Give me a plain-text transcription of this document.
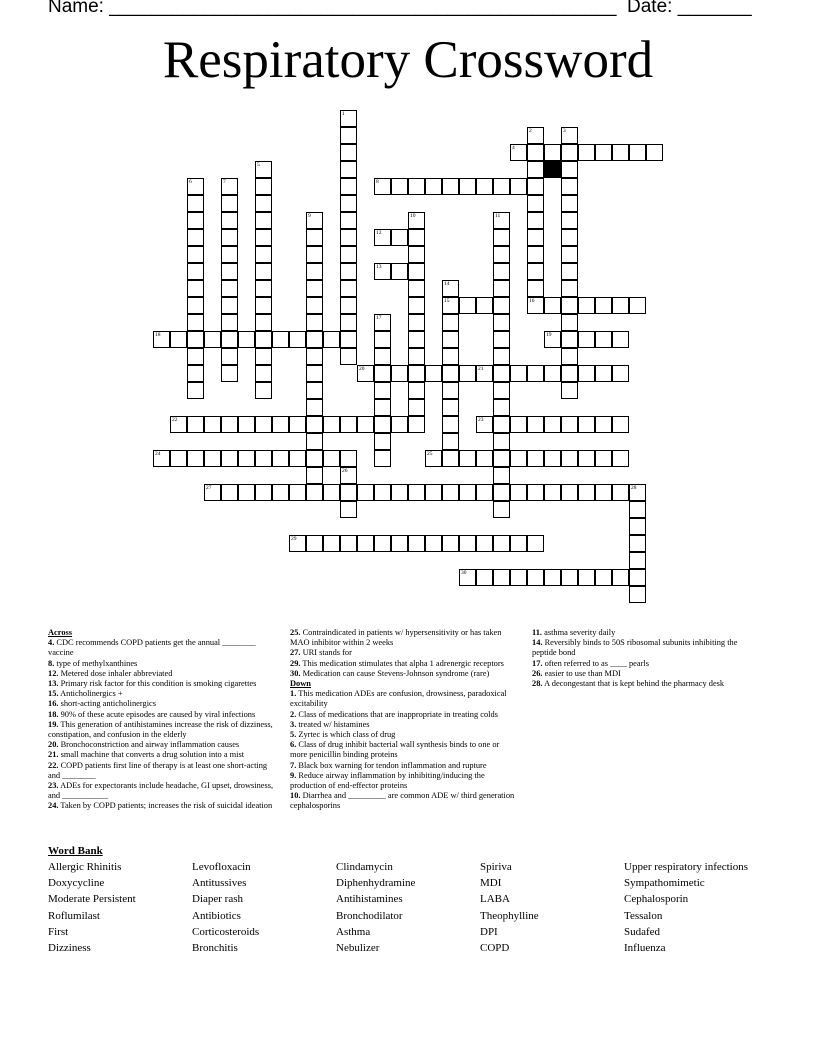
Name: ________________________________________________ Date: _______
Respiratory Crossword
1
2	3
4
5
6	7	8
9	10	11
12
13
14
15	16
17
18	19
20	21
22	23
24	25
26
27	28
29
30
Across
4. CDC recommends COPD patients get the annual ________ vaccine
8. type of methylxanthines
12. Metered dose inhaler abbreviated
13. Primary risk factor for this condition is smoking cigarettes
15. Anticholinergics +
16. short-acting anticholinergics
18. 90% of these acute episodes are caused by viral infections
19. This generation of antihistamines increase the risk of dizziness, constipation, and confusion in the elderly
20. Bronchoconstriction and airway inflammation causes
21. small machine that converts a drug solution into a mist
22. COPD patients first line of therapy is at least one short-acting and ________
23. ADEs for expectorants include headache, GI upset, drowsiness, and ___________
24. Taken by COPD patients; increases the risk of suicidal ideation
25. Contraindicated in patients w/ hypersensitivity or has taken MAO inhibitor within 2 weeks
27. URI stands for
29. This medication stimulates that alpha 1 adrenergic receptors
30. Medication can cause Stevens-Johnson syndrome (rare)
Down
1. This medication ADEs are confusion, drowsiness, paradoxical excitability
2. Class of medications that are inappropriate in treating colds
3. treated w/ histamines
5. Zyrtec is which class of drug
6. Class of drug inhibit bacterial wall synthesis binds to one or more penicillin binding proteins
7. Black box warning for tendon inflammation and rupture
9. Reduce airway inflammation by inhibiting/inducing the production of end-effector proteins
10. Diarrhea and _________ are common ADE w/ third generation cephalosporins
11. asthma severity daily
14. Reversibly binds to 50S ribosomal subunits inhibiting the peptide bond
17. often referred to as ____ pearls
26. easier to use than MDI
28. A decongestant that is kept behind the pharmacy desk
Word Bank
Allergic Rhinitis
Doxycycline
Moderate Persistent
Roflumilast
First
Dizziness
Levofloxacin
Antitussives
Diaper rash
Antibiotics
Corticosteroids
Bronchitis
Clindamycin
Diphenhydramine
Antihistamines
Bronchodilator
Asthma
Nebulizer
Spiriva
MDI
LABA
Theophylline
DPI
COPD
Upper respiratory infections
Sympathomimetic
Cephalosporin
Tessalon
Sudafed
Influenza
